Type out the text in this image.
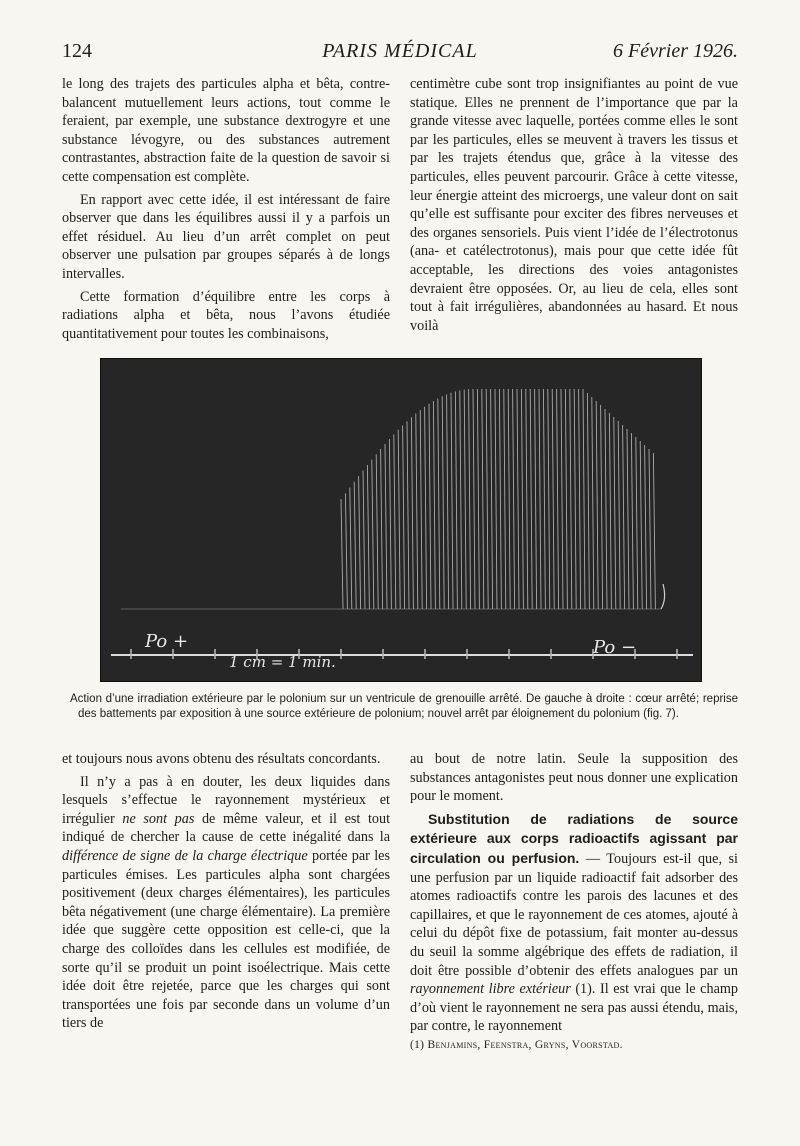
124	PARIS MÉDICAL	6 Février 1926.

le long des trajets des particules alpha et bêta, contre-balancent mutuellement leurs actions, tout comme le feraient, par exemple, une substance dextrogyre et une substance lévogyre, ou des substances autrement contrastantes, abstraction faite de la question de savoir si cette compensation est complète.

En rapport avec cette idée, il est intéressant de faire observer que dans les équilibres aussi il y a parfois un effet résiduel. Au lieu d’un arrêt complet on peut observer une pulsation par groupes séparés à de longs intervalles.

Cette formation d’équilibre entre les corps à radiations alpha et bêta, nous l’avons étudiée quantitativement pour toutes les combinaisons,

centimètre cube sont trop insignifiantes au point de vue statique. Elles ne prennent de l’importance que par la grande vitesse avec laquelle, portées comme elles le sont par les particules, elles se meuvent à travers les tissus et par les trajets étendus que, grâce à la vitesse des particules, elles peuvent parcourir. Grâce à cette vitesse, leur énergie atteint des microergs, une valeur dont on sait qu’elle est suffisante pour exciter des fibres nerveuses et des organes sensoriels. Puis vient l’idée de l’électrotonus (ana- et catélectrotonus), mais pour que cette idée fût acceptable, les directions des voies antagonistes devraient être opposées. Or, au lieu de cela, elles sont tout à fait irrégulières, abandonnées au hasard. Et nous voilà

Po +	Po −
1 cm = 1 min.
Action d’une irradiation extérieure par le polonium sur un ventricule de grenouille arrêté. De gauche à droite : cœur arrêté; reprise des battements par exposition à une source extérieure de polonium; nouvel arrêt par éloignement du polonium (fig. 7).

et toujours nous avons obtenu des résultats concordants.

Il n’y a pas à en douter, les deux liquides dans lesquels s’effectue le rayonnement mystérieux et irrégulier ne sont pas de même valeur, et il est tout indiqué de chercher la cause de cette inégalité dans la différence de signe de la charge électrique portée par les particules émises. Les particules alpha sont chargées positivement (deux charges élémentaires), les particules bêta négativement (une charge élémentaire). La première idée que suggère cette opposition est celle-ci, que la charge des colloïdes dans les cellules est modifiée, de sorte qu’il se produit un point isoélectrique. Mais cette idée doit être rejetée, parce que les charges qui sont transportées une fois par seconde dans un volume d’un tiers de

au bout de notre latin. Seule la supposition des substances antagonistes peut nous donner une explication pour le moment.

Substitution de radiations de source extérieure aux corps radioactifs agissant par circulation ou perfusion. — Toujours est-il que, si une perfusion par un liquide radioactif fait adsorber des atomes radioactifs contre les parois des lacunes et des capillaires, et que le rayonnement de ces atomes, ajouté à celui du dépôt fixe de potassium, fait monter au-dessus du seuil la somme algébrique des effets de radiation, il doit être possible d’obtenir des effets analogues par un rayonnement libre extérieur (1). Il est vrai que le champ d’où vient le rayonnement ne sera pas aussi étendu, mais, par contre, le rayonnement

(1) Benjamins, Feenstra, Gryns, Voorstad.
